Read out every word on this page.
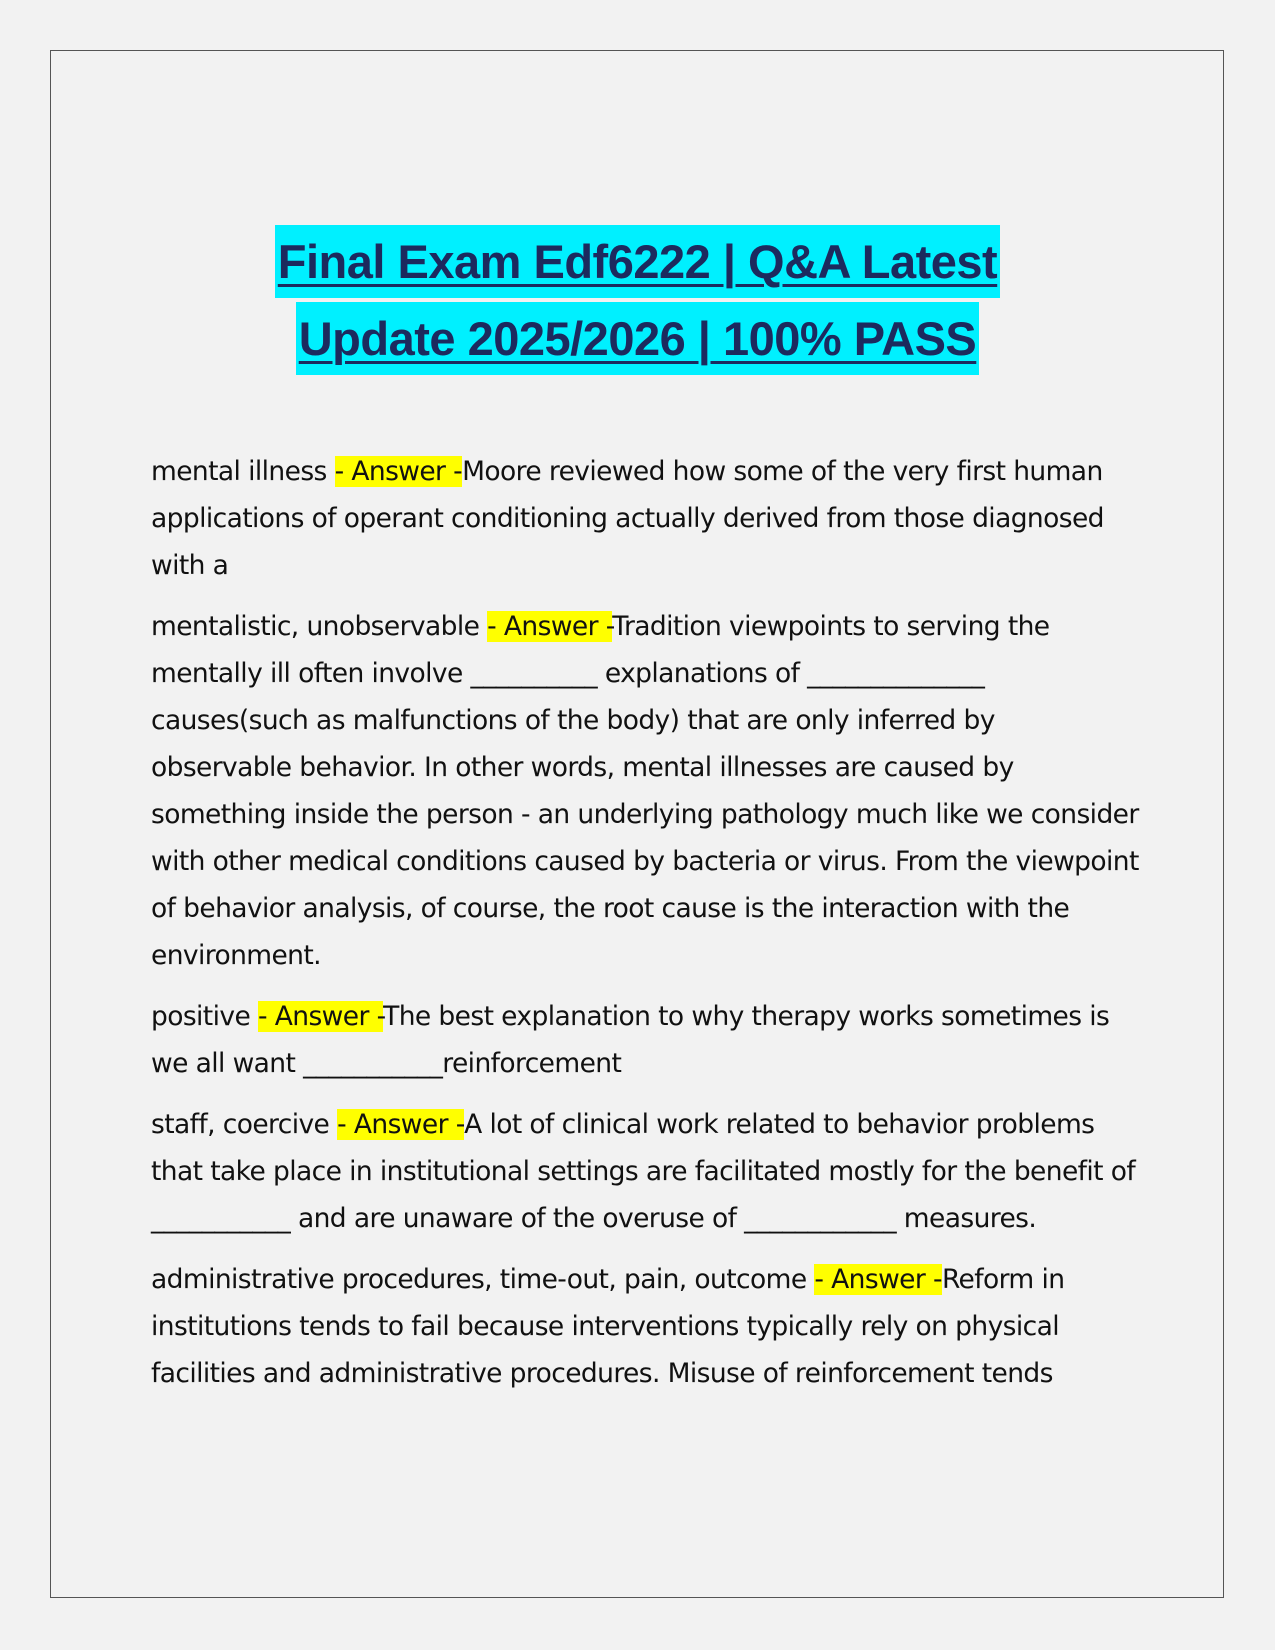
Final Exam Edf6222 | Q&A Latest
Update 2025/2026 | 100% PASS

mental illness - Answer -Moore reviewed how some of the very first human applications of operant conditioning actually derived from those diagnosed with a

mentalistic, unobservable - Answer -Tradition viewpoints to serving the mentally ill often involve __________ explanations of ______________ causes(such as malfunctions of the body) that are only inferred by observable behavior. In other words, mental illnesses are caused by something inside the person - an underlying pathology much like we consider with other medical conditions caused by bacteria or virus. From the viewpoint of behavior analysis, of course, the root cause is the interaction with the environment.

positive - Answer -The best explanation to why therapy works sometimes is we all want ___________reinforcement

staff, coercive - Answer -A lot of clinical work related to behavior problems that take place in institutional settings are facilitated mostly for the benefit of ___________ and are unaware of the overuse of ____________ measures.

administrative procedures, time-out, pain, outcome - Answer -Reform in institutions tends to fail because interventions typically rely on physical facilities and administrative procedures. Misuse of reinforcement tends
